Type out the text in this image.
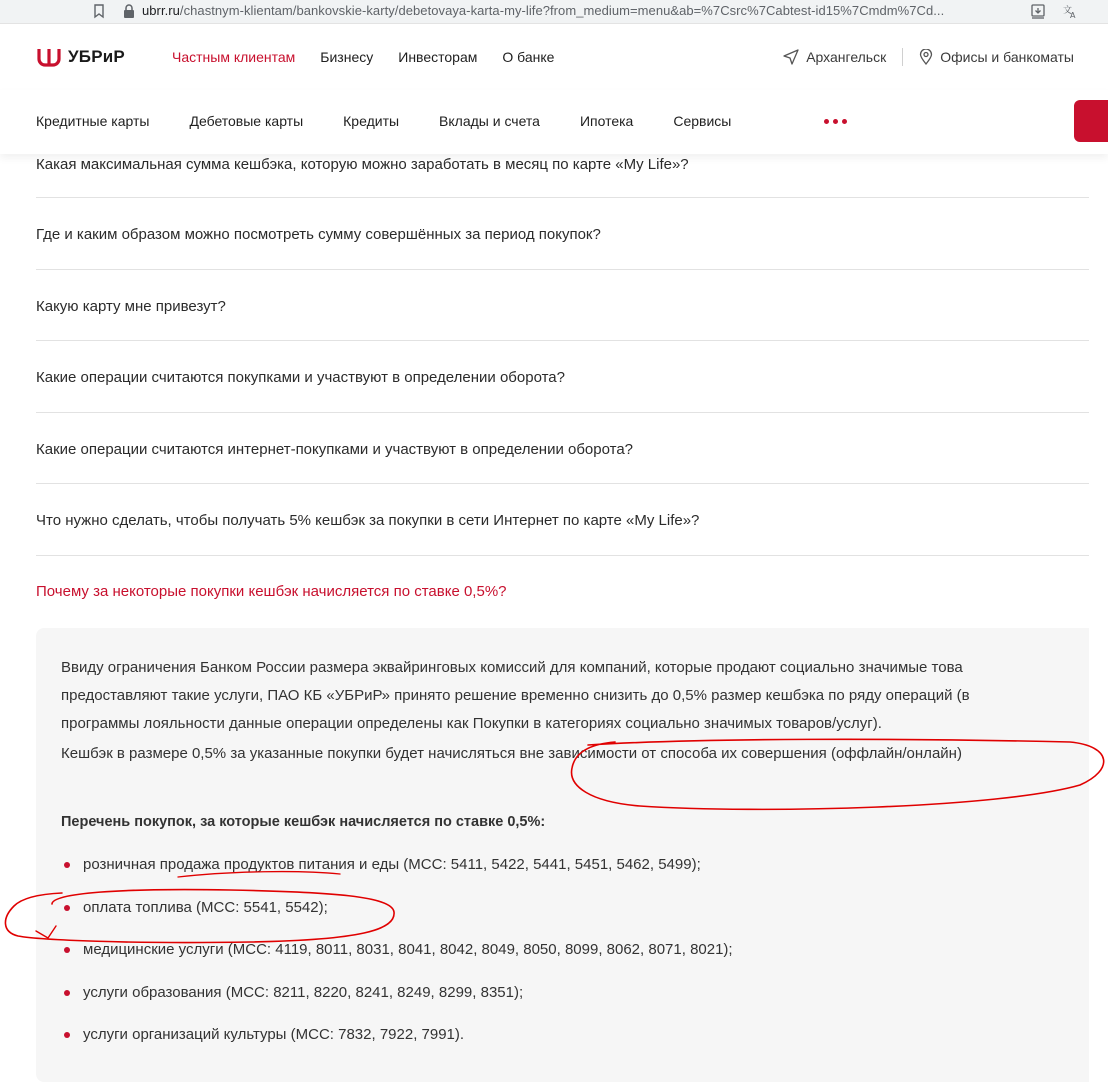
ubrr.ru/chastnym-klientam/bankovskie-karty/debetovaya-karta-my-life?from_medium=menu&ab=%7Csrc%7Cabtest-id15%7Cmdm%7Cd...	文
A
УБРиР	Частным клиентам Бизнесу Инвесторам О банке	Архангельск	Офисы и банкоматы
Кредитные карты	Дебетовые карты	Кредиты	Вклады и счета	Ипотека	Сервисы
Какая максимальная сумма кешбэка, которую можно заработать в месяц по карте «My Life»?
Где и каким образом можно посмотреть сумму совершённых за период покупок?
Какую карту мне привезут?
Какие операции считаются покупками и участвуют в определении оборота?
Какие операции считаются интернет-покупками и участвуют в определении оборота?
Что нужно сделать, чтобы получать 5% кешбэк за покупки в сети Интернет по карте «My Life»?
Почему за некоторые покупки кешбэк начисляется по ставке 0,5%?

Ввиду ограничения Банком России размера эквайринговых комиссий для компаний, которые продают социально значимые това

предоставляют такие услуги, ПАО КБ «УБРиР» принято решение временно снизить до 0,5% размер кешбэка по ряду операций (в

программы лояльности данные операции определены как Покупки в категориях социально значимых товаров/услуг).

Кешбэк в размере 0,5% за указанные покупки будет начисляться вне зависимости от способа их совершения (оффлайн/онлайн)

Перечень покупок, за которые кешбэк начисляется по ставке 0,5%:

розничная продажа продуктов питания и еды (MCC: 5411, 5422, 5441, 5451, 5462, 5499);
оплата топлива (MCC: 5541, 5542);
медицинские услуги (MCC: 4119, 8011, 8031, 8041, 8042, 8049, 8050, 8099, 8062, 8071, 8021);
услуги образования (MCC: 8211, 8220, 8241, 8249, 8299, 8351);
услуги организаций культуры (MCC: 7832, 7922, 7991).
